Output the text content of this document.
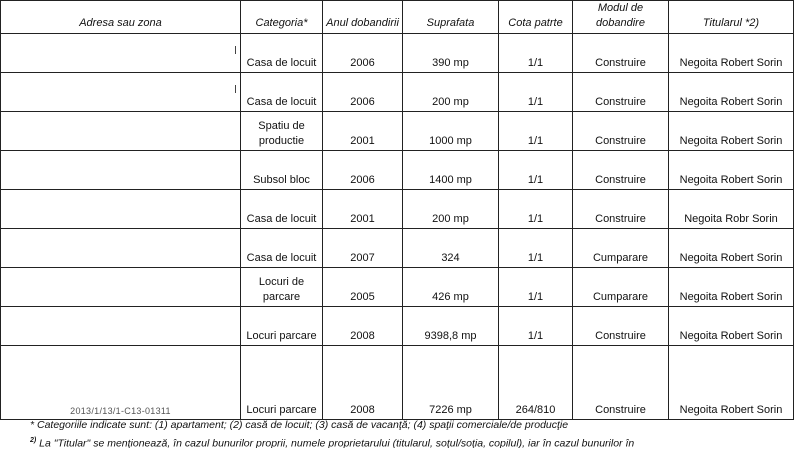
Adresa sau zona	Categoria*	Anul dobandirii	Suprafata	Cota patrte	Modul de dobandire	Titularul *2)

	Casa de locuit	2006	390 mp	1/1	Construire	Negoita Robert Sorin

	Casa de locuit	2006	200 mp	1/1	Construire	Negoita Robert Sorin
	Spatiu de productie	2001	1000 mp	1/1	Construire	Negoita Robert Sorin
	Subsol bloc	2006	1400 mp	1/1	Construire	Negoita Robert Sorin
	Casa de locuit	2001	200 mp	1/1	Construire	Negoita Robr Sorin
	Casa de locuit	2007	324	1/1	Cumparare	Negoita Robert Sorin
	Locuri de parcare	2005	426 mp	1/1	Cumparare	Negoita Robert Sorin
	Locuri parcare	2008	9398,8 mp	1/1	Construire	Negoita Robert Sorin

2013/1/13/1-C13-01311	Locuri parcare	2008	7226 mp	264/810	Construire	Negoita Robert Sorin
* Categoriile indicate sunt: (1) apartament; (2) casă de locuit; (3) casă de vacanţă; (4) spaţii comerciale/de producţie
$^{2)}$ La "Titular" se menţionează, în cazul bunurilor proprii, numele proprietarului (titularul, soţul/soţia, copilul), iar în cazul bunurilor în
